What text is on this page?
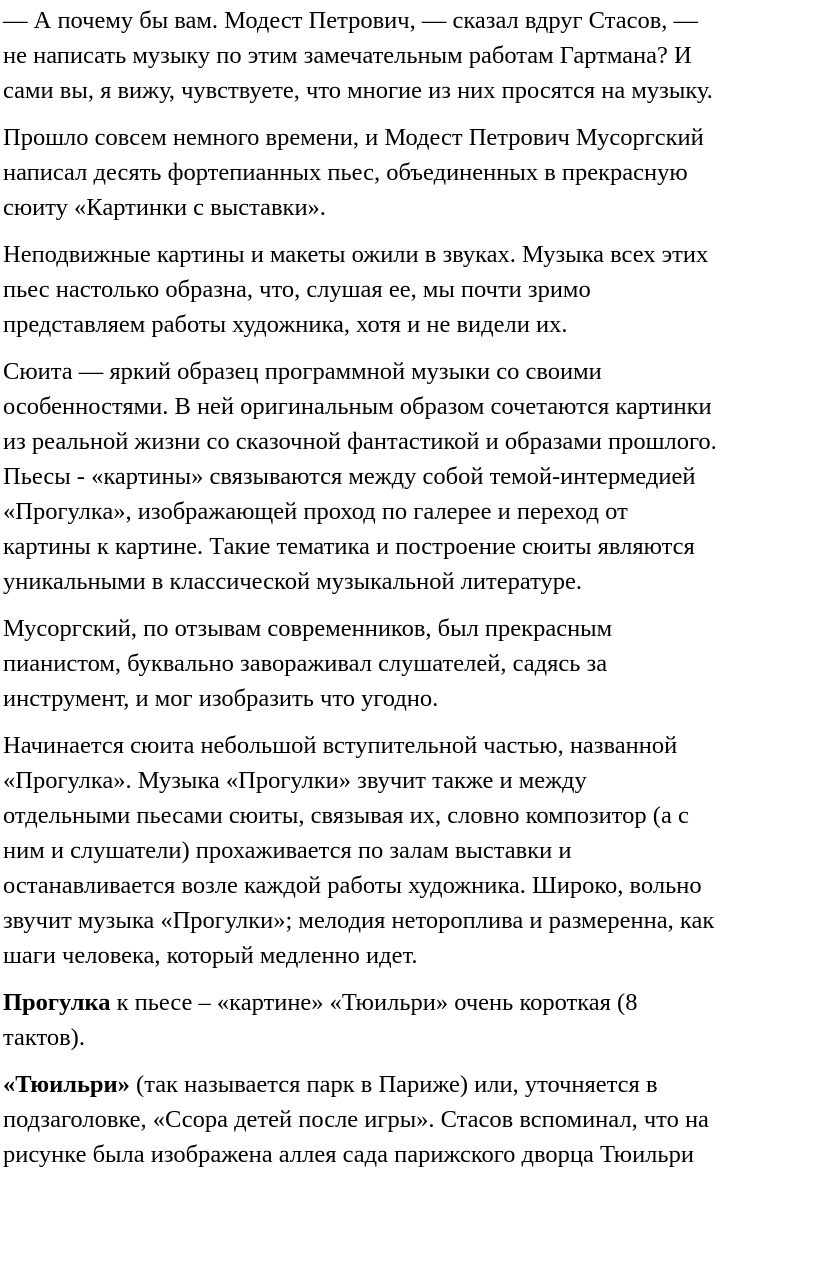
— А почему бы вам. Модест Петрович, — сказал вдруг Стасов, —
не написать музыку по этим замечательным работам Гартмана? И
сами вы, я вижу, чувствуете, что многие из них просятся на музыку.

Прошло совсем немного времени, и Модест Петрович Мусоргский
написал десять фортепианных пьес, объединенных в прекрасную
сюиту «Картинки с выставки».

Неподвижные картины и макеты ожили в звуках. Музыка всех этих
пьес настолько образна, что, слушая ее, мы почти зримо
представляем работы художника, хотя и не видели их.

Сюита — яркий образец программной музыки со своими
особенностями. В ней оригинальным образом сочетаются картинки
из реальной жизни со сказочной фантастикой и образами прошлого.
Пьесы - «картины» связываются между собой темой-интермедией
«Прогулка», изображающей проход по галерее и переход от
картины к картине. Такие тематика и построение сюиты являются
уникальными в классической музыкальной литературе.

Мусоргский, по отзывам современников, был прекрасным
пианистом, буквально завораживал слушателей, садясь за
инструмент, и мог изобразить что угодно.

Начинается сюита небольшой вступительной частью, названной
«Прогулка». Музыка «Прогулки» звучит также и между
отдельными пьесами сюиты, связывая их, словно композитор (а с
ним и слушатели) прохаживается по залам выставки и
останавливается возле каждой работы художника. Широко, вольно
звучит музыка «Прогулки»; мелодия нетороплива и размеренна, как
шаги человека, который медленно идет.

Прогулка к пьесе – «картине» «Тюильри» очень короткая (8
тактов).

«Тюильри» (так называется парк в Париже) или, уточняется в
подзаголовке, «Ссора детей после игры». Стасов вспоминал, что на
рисунке была изображена аллея сада парижского дворца Тюильри
